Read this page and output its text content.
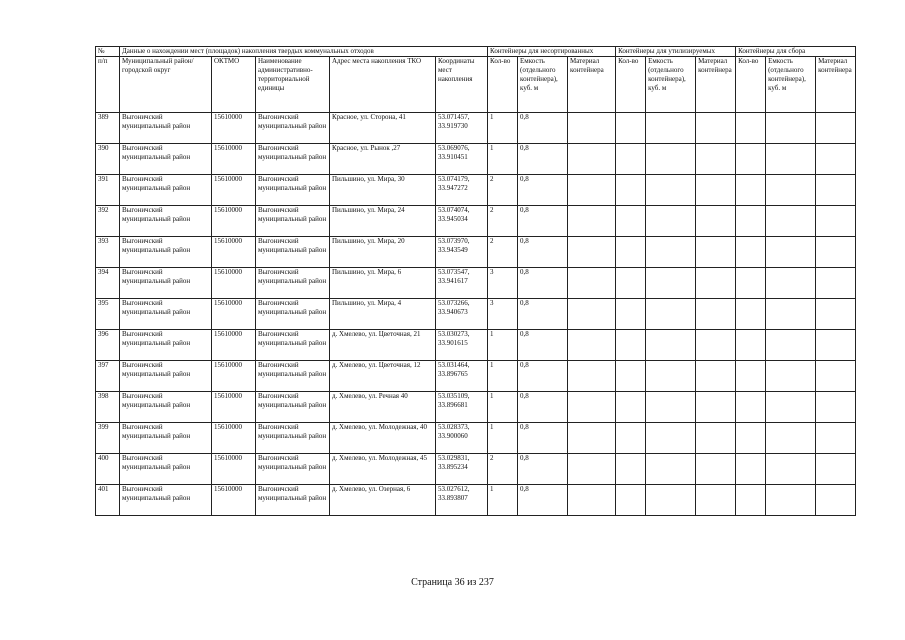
№	Данные о нахождении мест (площадок) накопления твердых коммунальных отходов					Контейнеры для несортированных			Контейнеры для утилизируемых			Контейнеры для сбора		
п/п	Муниципальный район/городской округ	ОКТМО	Наименование административно-территориальной единицы	Адрес места накопления ТКО	Координаты мест накопления	Кол-во	Емкость (отдельного контейнера), куб. м	Материал контейнера	Кол-во	Емкость (отдельного контейнера), куб. м	Материал контейнера	Кол-во	Емкость (отдельного контейнера), куб. м	Материал контейнера
389	Выгоничский муниципальный район	15610000	Выгоничский муниципальный район	Красное, ул. Сторона, 41	53.071457, 33.919730	1	0,8							
390	Выгоничский муниципальный район	15610000	Выгоничский муниципальный район	Красное, ул. Рынок ,27	53.069076, 33.910451	1	0,8							
391	Выгоничский муниципальный район	15610000	Выгоничский муниципальный район	Пильшино, ул. Мира, 30	53.074179, 33.947272	2	0,8							
392	Выгоничский муниципальный район	15610000	Выгоничский муниципальный район	Пильшино, ул. Мира, 24	53.074074, 33.945034	2	0,8							
393	Выгоничский муниципальный район	15610000	Выгоничский муниципальный район	Пильшино, ул. Мира, 20	53.073970, 33.943549	2	0,8							
394	Выгоничский муниципальный район	15610000	Выгоничский муниципальный район	Пильшино, ул. Мира, 6	53.073547, 33.941617	3	0,8							
395	Выгоничский муниципальный район	15610000	Выгоничский муниципальный район	Пильшино, ул. Мира, 4	53.073266, 33.940673	3	0,8							
396	Выгоничский муниципальный район	15610000	Выгоничский муниципальный район	д. Хмелево, ул. Цветочная, 21	53.030273, 33.901615	1	0,8							
397	Выгоничский муниципальный район	15610000	Выгоничский муниципальный район	д. Хмелево, ул. Цветочная, 12	53.031464, 33.896765	1	0,8							
398	Выгоничский муниципальный район	15610000	Выгоничский муниципальный район	д. Хмелево, ул. Речная 40	53.035109, 33.896681	1	0,8							
399	Выгоничский муниципальный район	15610000	Выгоничский муниципальный район	д. Хмелево, ул. Молодежная, 40	53.028373, 33.900060	1	0,8							
400	Выгоничский муниципальный район	15610000	Выгоничский муниципальный район	д. Хмелево, ул. Молодежная, 45	53.029831, 33.895234	2	0,8							
401	Выгоничский муниципальный район	15610000	Выгоничский муниципальный район	д. Хмелево, ул. Озерная, 6	53.027612, 33.893807	1	0,8							
Страница 36 из 237
